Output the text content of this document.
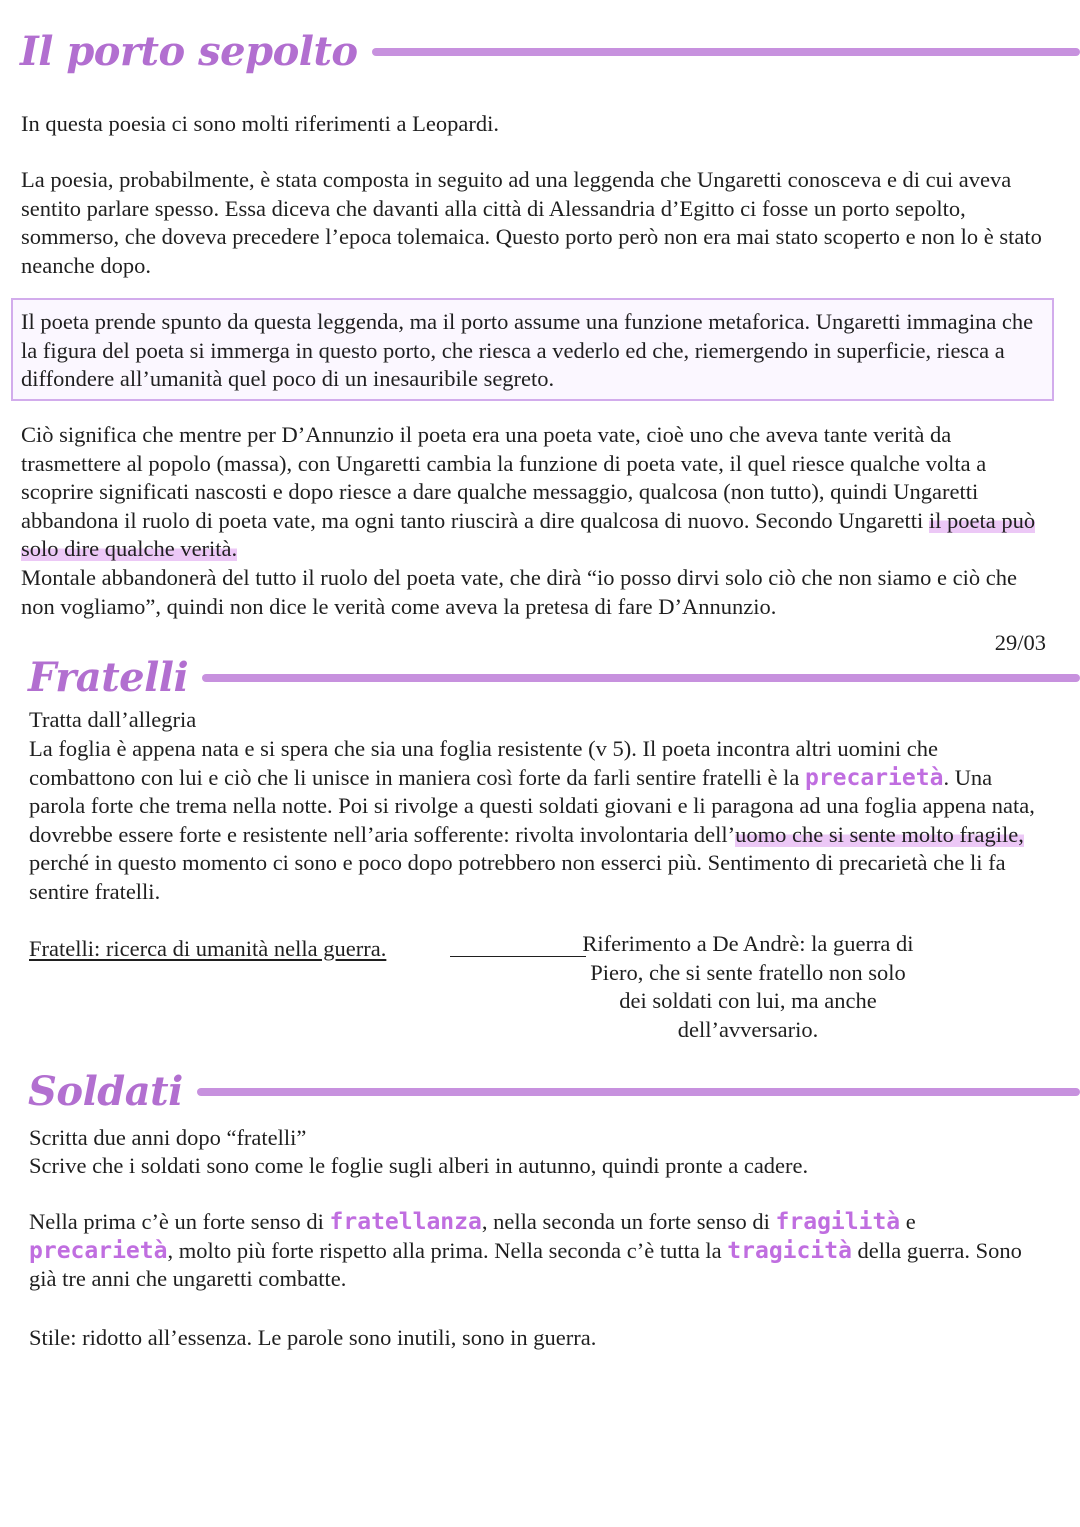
Il porto sepolto

In questa poesia ci sono molti riferimenti a Leopardi.

La poesia, probabilmente, è stata composta in seguito ad una leggenda che Ungaretti conosceva e di cui aveva sentito parlare spesso. Essa diceva che davanti alla città di Alessandria d’Egitto ci fosse un porto sepolto, sommerso, che doveva precedere l’epoca tolemaica. Questo porto però non era mai stato scoperto e non lo è stato neanche dopo.

Il poeta prende spunto da questa leggenda, ma il porto assume una funzione metaforica. Ungaretti immagina che la figura del poeta si immerga in questo porto, che riesca a vederlo ed che, riemergendo in superficie, riesca a diffondere all’umanità quel poco di un inesauribile segreto.

Ciò significa che mentre per D’Annunzio il poeta era una poeta vate, cioè uno che aveva tante verità da trasmettere al popolo (massa), con Ungaretti cambia la funzione di poeta vate, il quel riesce qualche volta a scoprire significati nascosti e dopo riesce a dare qualche messaggio, qualcosa (non tutto), quindi Ungaretti abbandona il ruolo di poeta vate, ma ogni tanto riuscirà a dire qualcosa di nuovo. Secondo Ungaretti il poeta può solo dire qualche verità.

Montale abbandonerà del tutto il ruolo del poeta vate, che dirà “io posso dirvi solo ciò che non siamo e ciò che non vogliamo”, quindi non dice le verità come aveva la pretesa di fare D’Annunzio.

29/03
Fratelli

Tratta dall’allegria

La foglia è appena nata e si spera che sia una foglia resistente (v 5). Il poeta incontra altri uomini che combattono con lui e ciò che li unisce in maniera così forte da farli sentire fratelli è la precarietà. Una parola forte che trema nella notte. Poi si rivolge a questi soldati giovani e li paragona ad una foglia appena nata, dovrebbe essere forte e resistente nell’aria sofferente: rivolta involontaria dell’uomo che si sente molto fragile, perché in questo momento ci sono e poco dopo potrebbero non esserci più. Sentimento di precarietà che li fa sentire fratelli.

Fratelli: ricerca di umanità nella guerra.	Riferimento a De Andrè: la guerra di Piero, che si sente fratello non solo dei soldati con lui, ma anche dell’avversario.

Soldati

Scritta due anni dopo “fratelli”

Scrive che i soldati sono come le foglie sugli alberi in autunno, quindi pronte a cadere.

Nella prima c’è un forte senso di fratellanza, nella seconda un forte senso di fragilità e precarietà, molto più forte rispetto alla prima. Nella seconda c’è tutta la tragicità della guerra. Sono già tre anni che ungaretti combatte.

Stile: ridotto all’essenza. Le parole sono inutili, sono in guerra.
